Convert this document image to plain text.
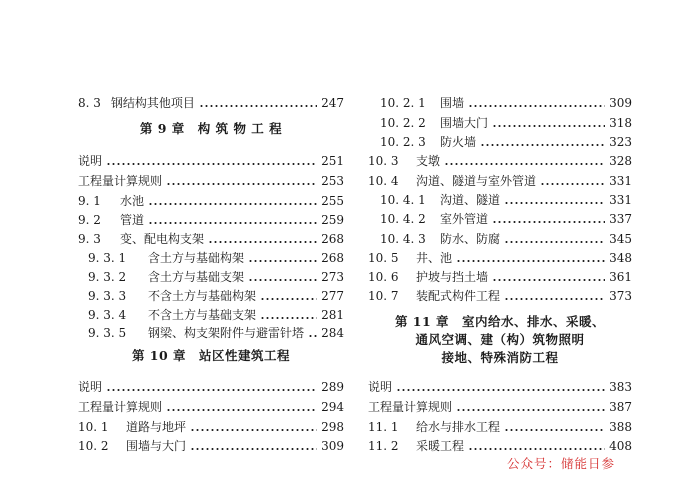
8. 3 钢结构其他项目	247
第 9 章　构 筑 物 工 程
说明	251
工程量计算规则	253
9. 1	水池	255
9. 2	管道	259
9. 3	变、配电构支架	268
9. 3. 1	含土方与基础构架	268
9. 3. 2	含土方与基础支架	273
9. 3. 3	不含土方与基础构架	277
9. 3. 4	不含土方与基础支架	281
9. 3. 5	钢梁、构支架附件与避雷针塔 284
第 10 章　站区性建筑工程
说明	289
工程量计算规则	294
10. 1	道路与地坪	298
10. 2	围墙与大门	309
10. 2. 1	围墙	309
10. 2. 2	围墙大门	318
10. 2. 3	防火墙	323
10. 3	支墩	328
10. 4	沟道、隧道与室外管道	331
10. 4. 1	沟道、隧道	331
10. 4. 2	室外管道	337
10. 4. 3	防水、防腐	345
10. 5	井、池	348
10. 6	护坡与挡土墙	361
10. 7	装配式构件工程	373
第 11 章　室内给水、排水、采暖、
通风空调、建（构）筑物照明
接地、特殊消防工程
说明	383
工程量计算规则	387
11. 1	给水与排水工程	388
11. 2	采暖工程	408
公众号：储能日参
